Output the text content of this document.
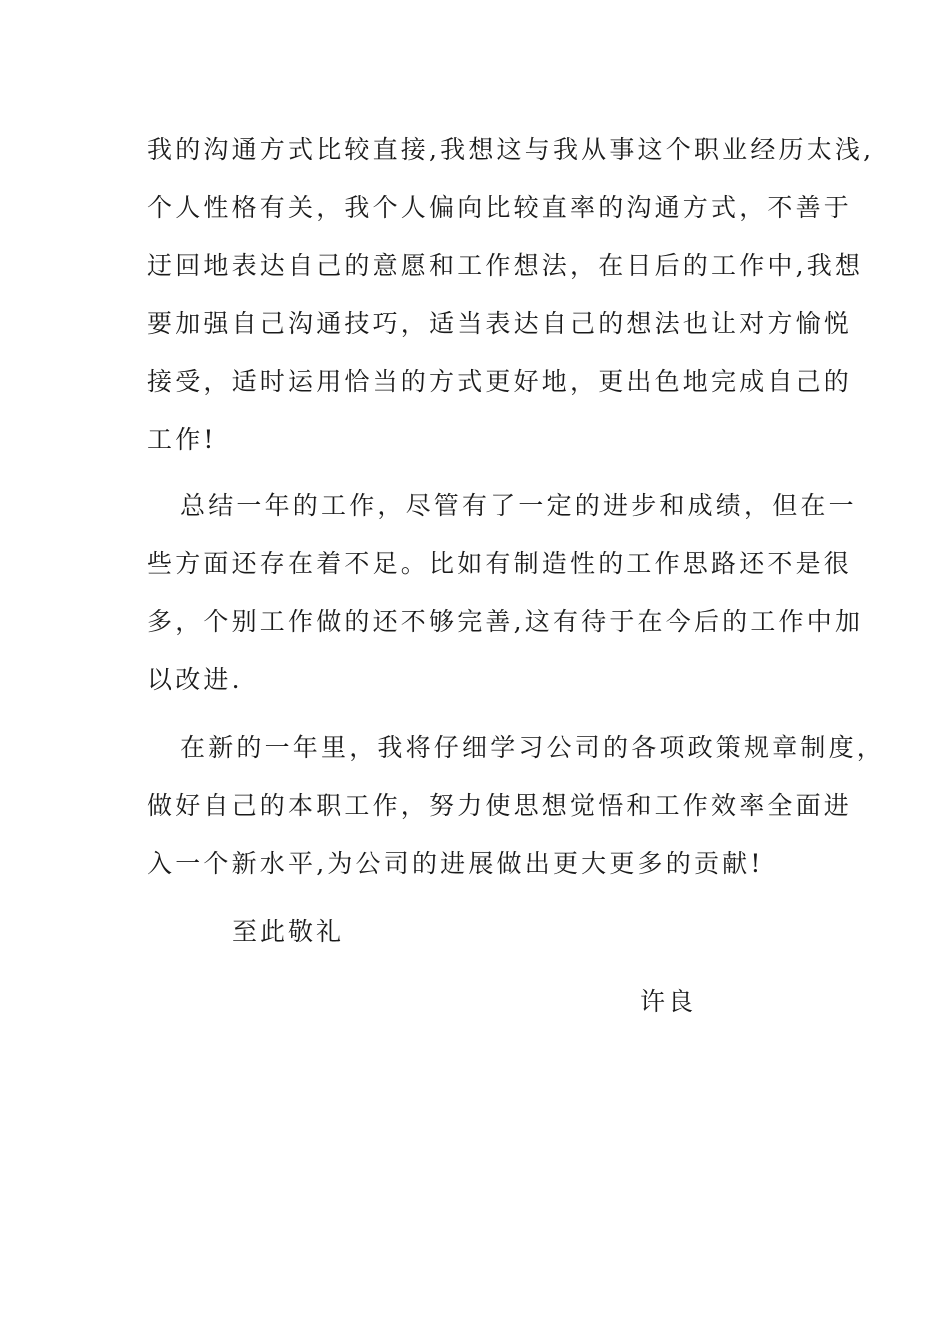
我的沟通方式比较直接,我想这与我从事这个职业经历太浅,
个人性格有关，我个人偏向比较直率的沟通方式，不善于
迂回地表达自己的意愿和工作想法，在日后的工作中,我想
要加强自己沟通技巧，适当表达自己的想法也让对方愉悦
接受，适时运用恰当的方式更好地，更出色地完成自己的
工作!
总结一年的工作，尽管有了一定的进步和成绩，但在一
些方面还存在着不足。比如有制造性的工作思路还不是很
多，个别工作做的还不够完善,这有待于在今后的工作中加
以改进.
在新的一年里，我将仔细学习公司的各项政策规章制度，
做好自己的本职工作，努力使思想觉悟和工作效率全面进
入一个新水平,为公司的进展做出更大更多的贡献!
至此敬礼
许良
